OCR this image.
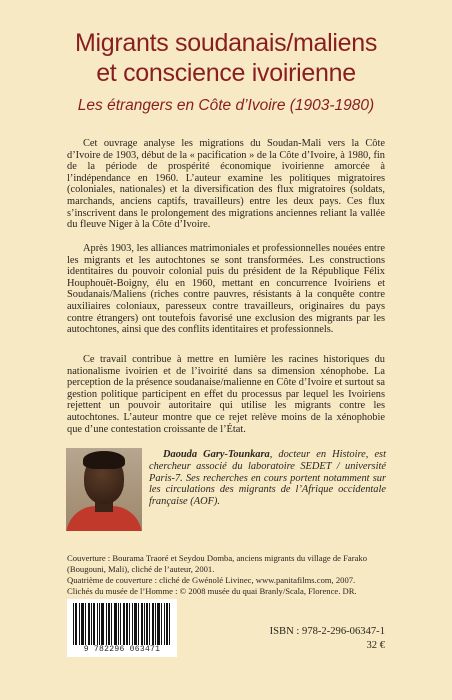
Migrants soudanais/maliens
et conscience ivoirienne
Les étrangers en Côte d’Ivoire (1903-1980)

Cet ouvrage analyse les migrations du Soudan-Mali vers la Côte d’Ivoire de 1903, début de la « pacification » de la Côte d’Ivoire, à 1980, fin de la période de prospérité économique ivoirienne amorcée à l’indépendance en 1960. L’auteur examine les politiques migratoires (coloniales, nationales) et la diversification des flux migratoires (soldats, marchands, anciens captifs, travailleurs) entre les deux pays. Ces flux s’inscrivent dans le prolongement des migrations anciennes reliant la vallée du fleuve Niger à la Côte d’Ivoire.

Après 1903, les alliances matrimoniales et professionnelles nouées entre les migrants et les autochtones se sont transformées. Les constructions identitaires du pouvoir colonial puis du président de la République Félix Houphouët-Boigny, élu en 1960, mettant en concurrence Ivoiriens et Soudanais/Maliens (riches contre pauvres, résistants à la conquête contre auxiliaires coloniaux, paresseux contre travailleurs, originaires du pays contre étrangers) ont toutefois favorisé une exclusion des migrants par les autochtones, ainsi que des conflits identitaires et professionnels.

Ce travail contribue à mettre en lumière les racines historiques du nationalisme ivoirien et de l’ivoirité dans sa dimension xénophobe. La perception de la présence soudanaise/malienne en Côte d’Ivoire et surtout sa gestion politique participent en effet du processus par lequel les Ivoiriens rejettent un pouvoir autoritaire qui utilise les migrants contre les autochtones. L’auteur montre que ce rejet relève moins de la xénophobie que d’une contestation croissante de l’État.

Daouda Gary-Tounkara, docteur en Histoire, est chercheur associé du laboratoire SEDET / université Paris-7. Ses recherches en cours portent notamment sur les circulations des migrants de l’Afrique occidentale française (AOF).

Couverture : Bourama Traoré et Seydou Domba, anciens migrants du village de Farako (Bougouni, Mali), cliché de l’auteur, 2001.
Quatrième de couverture : cliché de Gwénolé Livinec, www.panitafilms.com, 2007.
Clichés du musée de l’Homme : © 2008 musée du quai Branly/Scala, Florence. DR.
9 782296 063471
ISBN : 978-2-296-06347-1
32 €
